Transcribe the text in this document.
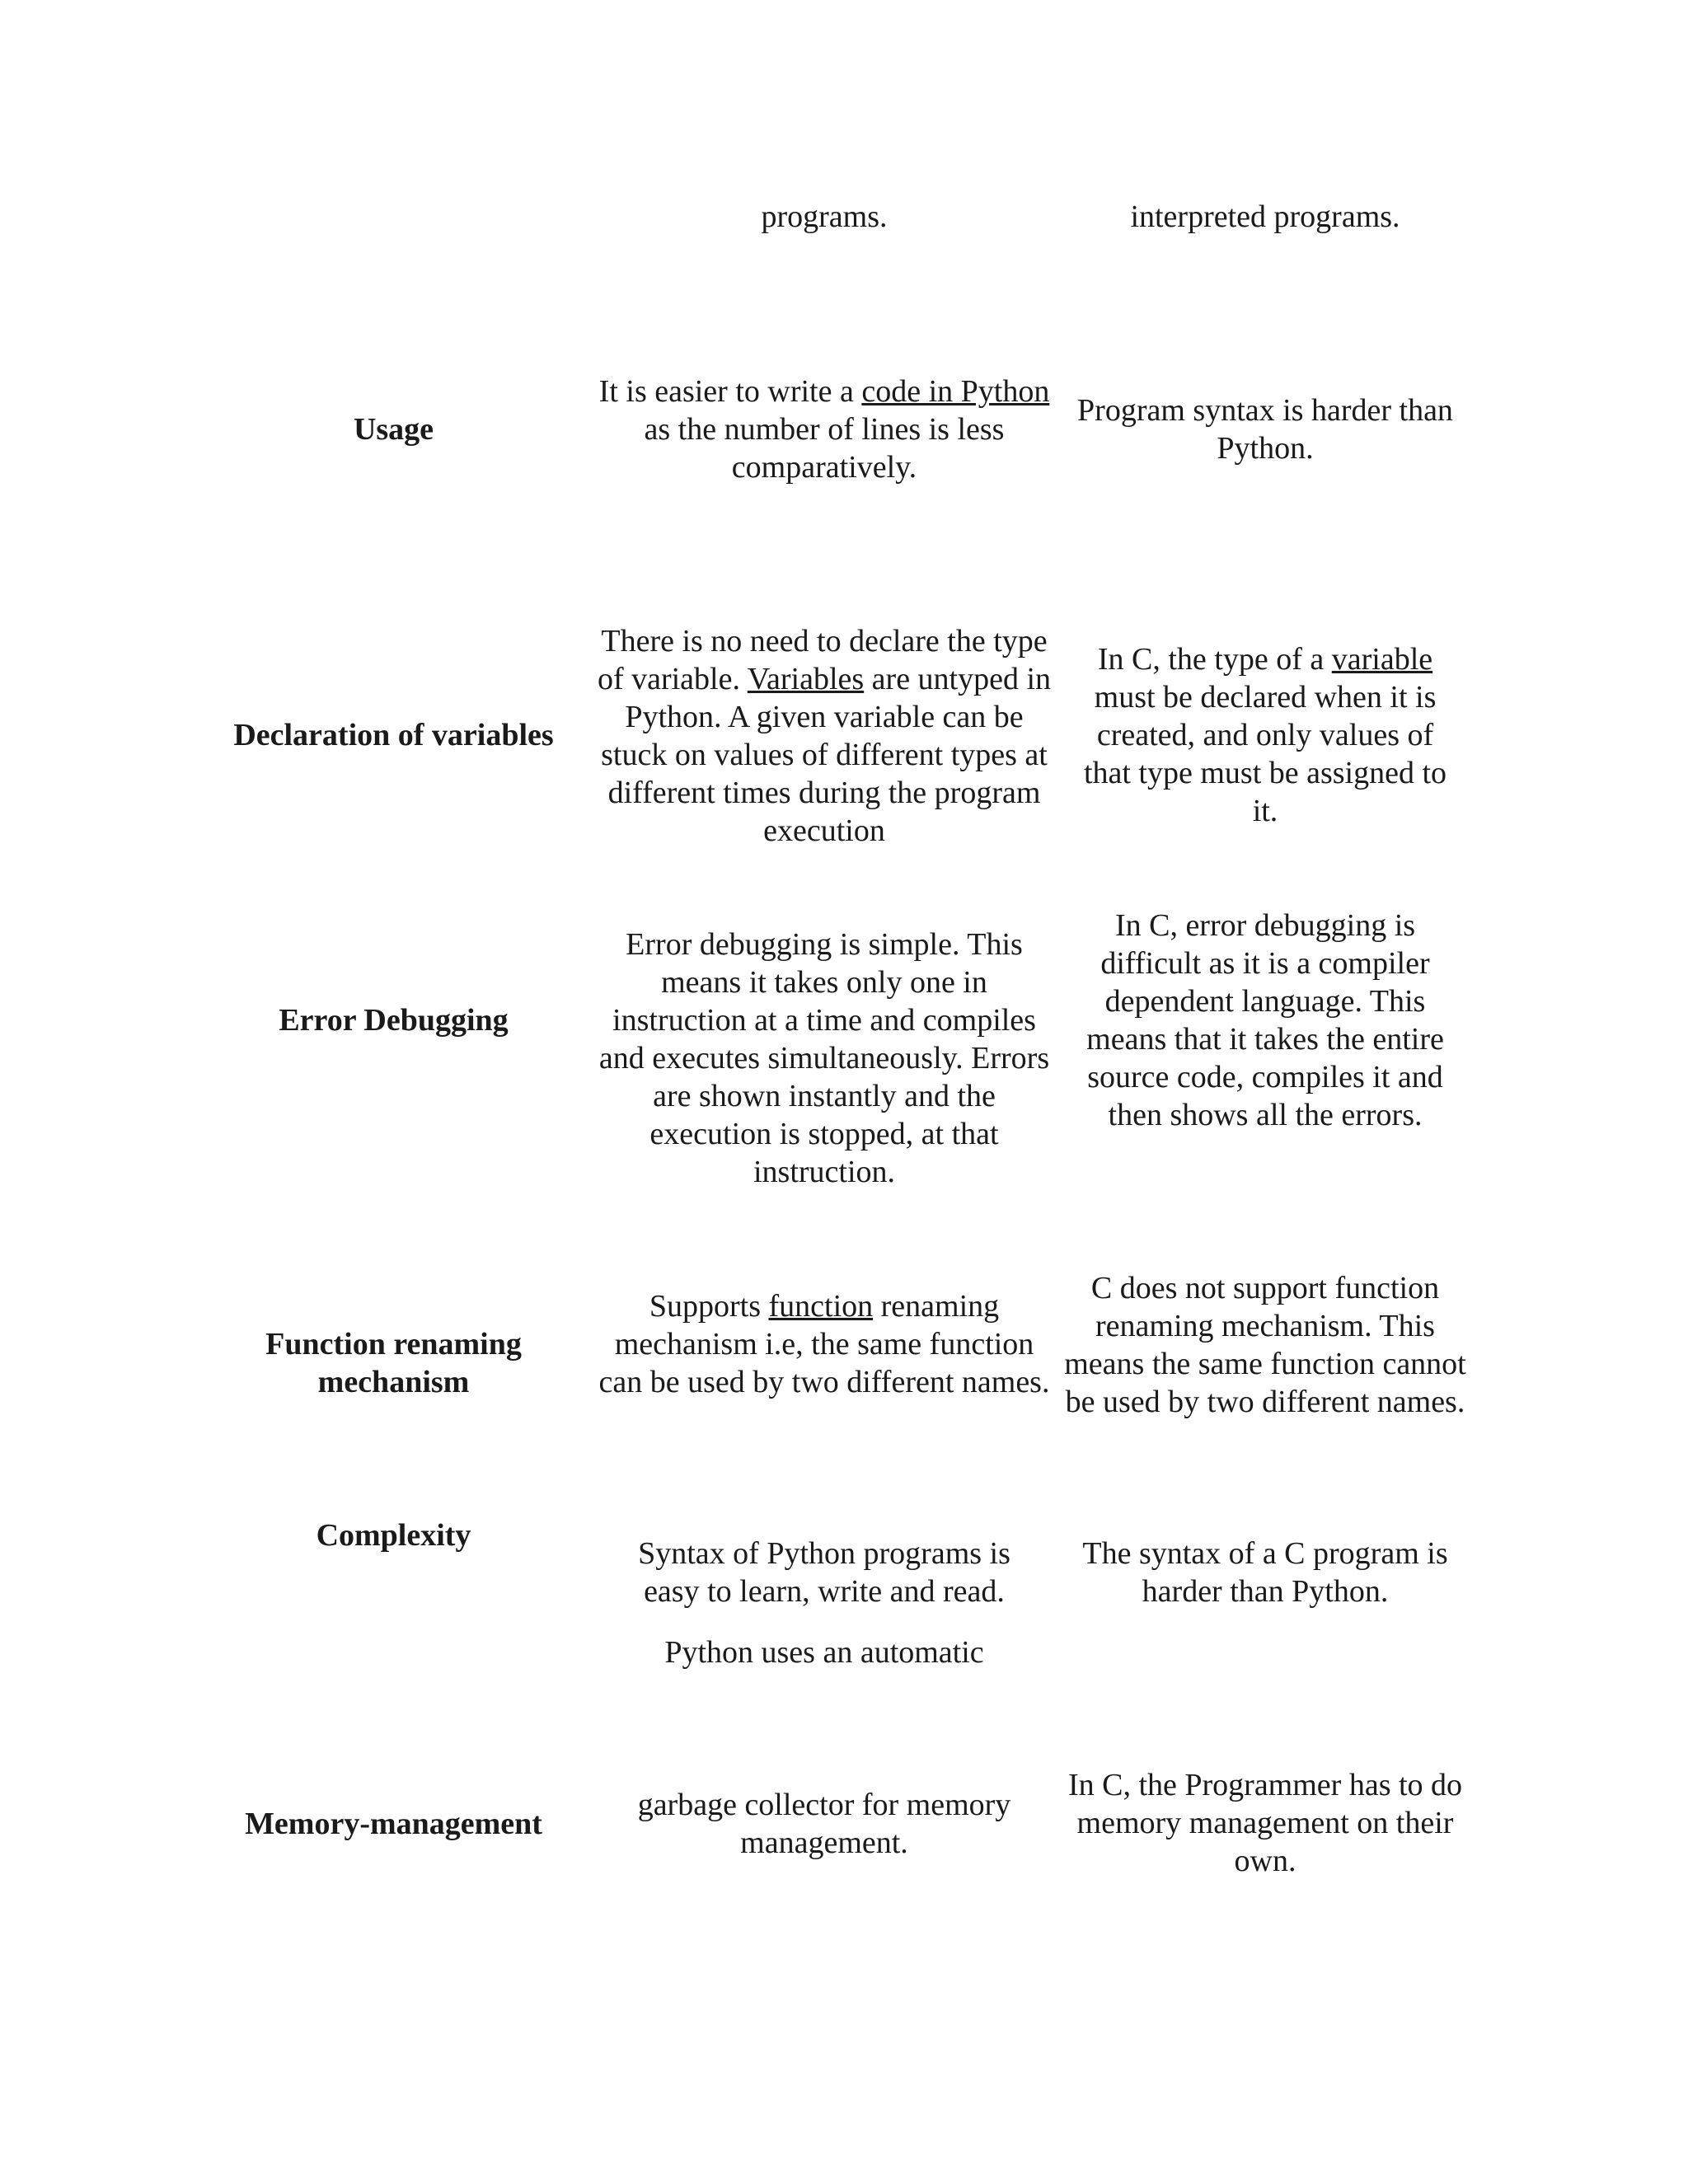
programs.	interpreted programs.
Usage
It is easier to write a code in Python as the number of lines is less comparatively.
Program syntax is harder than Python.
Declaration of variables
There is no need to declare the type of variable. Variables are untyped in Python. A given variable can be stuck on values of different types at different times during the program execution
In C, the type of a variable must be declared when it is created, and only values of that type must be assigned to it.
Error Debugging
Error debugging is simple. This means it takes only one in instruction at a time and compiles and executes simultaneously. Errors are shown instantly and the execution is stopped, at that instruction.
In C, error debugging is difficult as it is a compiler dependent language. This means that it takes the entire source code, compiles it and then shows all the errors.
Function renaming mechanism
Supports function renaming mechanism i.e, the same function can be used by two different names.
C does not support function renaming mechanism. This means the same function cannot be used by two different names.
Complexity
Syntax of Python programs is easy to learn, write and read.
The syntax of a C program is harder than Python.
Python uses an automatic
Memory-management
garbage collector for memory management.
In C, the Programmer has to do memory management on their own.
